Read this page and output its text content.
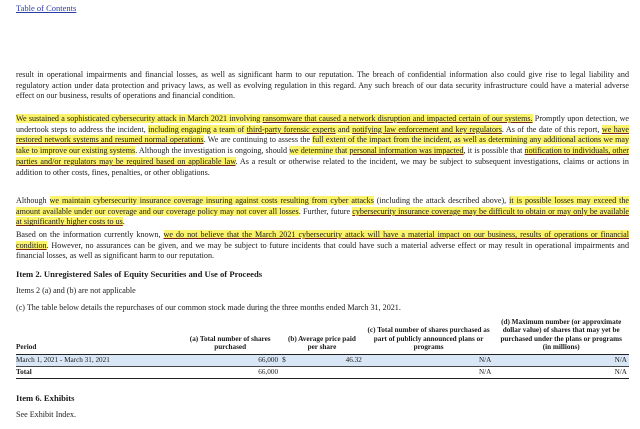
Table of Contents

result in operational impairments and financial losses, as well as significant harm to our reputation. The breach of confidential information also could give rise to legal liability and regulatory action under data protection and privacy laws, as well as evolving regulation in this regard. Any such breach of our data security infrastructure could have a material adverse effect on our business, results of operations and financial condition.

We sustained a sophisticated cybersecurity attack in March 2021 involving ransomware that caused a network disruption and impacted certain of our systems. Promptly upon detection, we undertook steps to address the incident, including engaging a team of third-party forensic experts and notifying law enforcement and key regulators. As of the date of this report, we have restored network systems and resumed normal operations. We are continuing to assess the full extent of the impact from the incident, as well as determining any additional actions we may take to improve our existing systems. Although the investigation is ongoing, should we determine that personal information was impacted, it is possible that notification to individuals, other parties and/or regulators may be required based on applicable law. As a result or otherwise related to the incident, we may be subject to subsequent investigations, claims or actions in addition to other costs, fines, penalties, or other obligations.

Although we maintain cybersecurity insurance coverage insuring against costs resulting from cyber attacks (including the attack described above), it is possible losses may exceed the amount available under our coverage and our coverage policy may not cover all losses. Further, future cybersecurity insurance coverage may be difficult to obtain or may only be available at significantly higher costs to us.

Based on the information currently known, we do not believe that the March 2021 cybersecurity attack will have a material impact on our business, results of operations or financial condition. However, no assurances can be given, and we may be subject to future incidents that could have such a material adverse effect or may result in operational impairments and financial losses, as well as significant harm to our reputation.

Item 2. Unregistered Sales of Equity Securities and Use of Proceeds
Items 2 (a) and (b) are not applicable
(c) The table below details the repurchases of our common stock made during the three months ended March 31, 2021.
Period	(a) Total number of shares purchased	(b) Average price paid per share		(c) Total number of shares purchased as part of publicly announced plans or programs	(d) Maximum number (or approximate dollar value) of shares that may yet be purchased under the plans or programs (in millions)
March 1, 2021 - March 31, 2021	66,000	$	46.32	N/A	N/A
Total	66,000			N/A	N/A
Item 6. Exhibits
See Exhibit Index.
